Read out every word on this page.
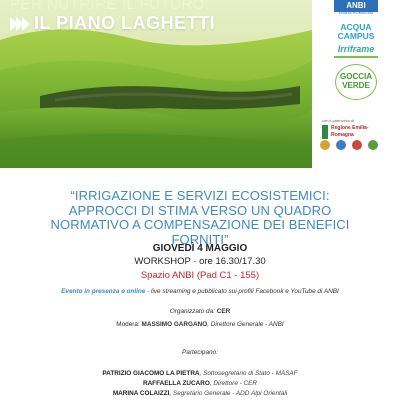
PER NUTRIRE IL FUTURO:
IL PIANO LAGHETTI
ANBI
EMILIA ROMAGNA
ACQUA
CAMPUS
Irriframe
GOCCIA
VERDE
con il patrocinio di
Regione Emilia-Romagna
“IRRIGAZIONE E SERVIZI ECOSISTEMICI: APPROCCI DI STIMA VERSO UN QUADRO NORMATIVO A COMPENSAZIONE DEI BENEFICI FORNITI”
GIOVEDÌ 4 MAGGIO
WORKSHOP · ore 16.30/17.30
Spazio ANBI (Pad C1 - 155)
Evento in presenza e online - live streaming e pubblicato sui profili Facebook e YouTube di ANBI
Organizzato da: CER
Modera: MASSIMO GARGANO, Direttore Generale - ANBI
Partecipano:
PATRIZIO GIACOMO LA PIETRA, Sottosegretario di Stato - MASAF
RAFFAELLA ZUCARO, Direttore - CER
MARINA COLAIZZI, Segretario Generale - ADD Alpi Orientali
